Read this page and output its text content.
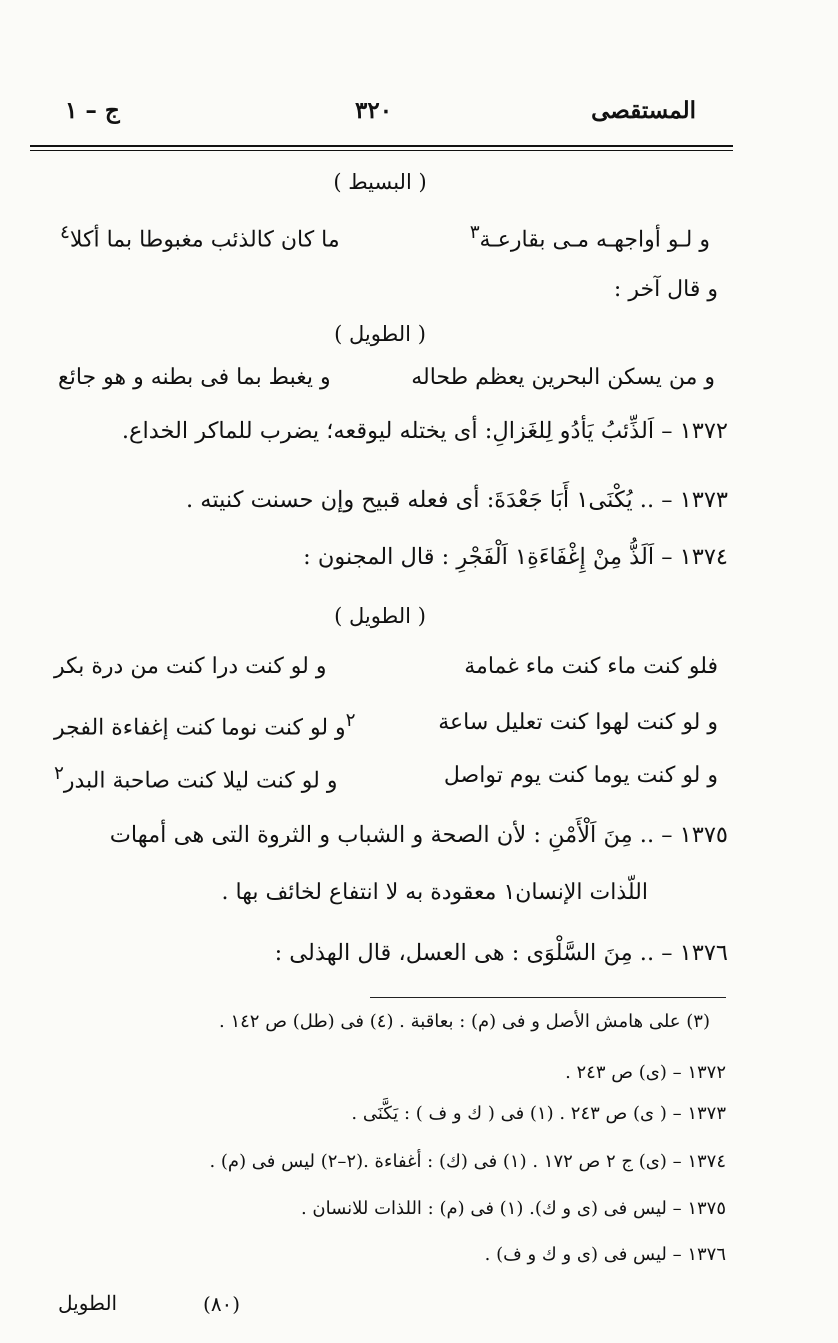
المستقصى
٣٢٠
ج – ١
( البسيط )
و لـو أواجهـه مـى بقارعـة$^٣$
ما كان كالذئب مغبوطا بما أكلا$^٤$
و قال آخر :
( الطويل )
و من يسكن البحرين يعظم طحاله
و يغبط بما فى بطنه و هو جائع
١٣٧٢ – اَلذِّئبُ يَأدُو لِلغَزالِ: أى يختله ليوقعه؛ يضرب للماكر الخداع.
١٣٧٣ – .. يُكْنَى١ أَبَا جَعْدَةَ: أى فعله قبيح وإن حسنت كنيته .
١٣٧٤ – اَلَذُّ مِنْ إِغْفَاءَةِ١ اَلْفَجْرِ : قال المجنون :
( الطويل )
فلو كنت ماء كنت ماء غمامة
و لو كنت درا كنت من درة بكر
و لو كنت لهوا كنت تعليل ساعة
$^٢$و لو كنت نوما كنت إغفاءة الفجر
و لو كنت يوما كنت يوم تواصل
و لو كنت ليلا كنت صاحبة البدر$^٢$
١٣٧٥ – .. مِنَ اَلْأَمْنِ : لأن الصحة و الشباب و الثروة التى هى أمهات
اللّذات الإنسان١ معقودة به لا انتفاع لخائف بها .
١٣٧٦ – .. مِنَ السَّلْوَى : هى العسل، قال الهذلى :
(٣) على هامش الأصل و فى (م) : بعاقبة . (٤) فى (طل) ص ١٤٢ .
١٣٧٢ – (ى) ص ٢٤٣ .
١٣٧٣ – ( ى) ص ٢٤٣ . (١) فى ( ك و ف ) : يَكَّنَى .
١٣٧٤ – (ى) ج ٢ ص ١٧٢ . (١) فى (ك) : أغفاءة .(٢–٢) ليس فى (م) .
١٣٧٥ – ليس فى (ى و ك). (١) فى (م) : اللذات للانسان .
١٣٧٦ – ليس فى (ى و ك و ف) .
(٨٠)
الطويل
